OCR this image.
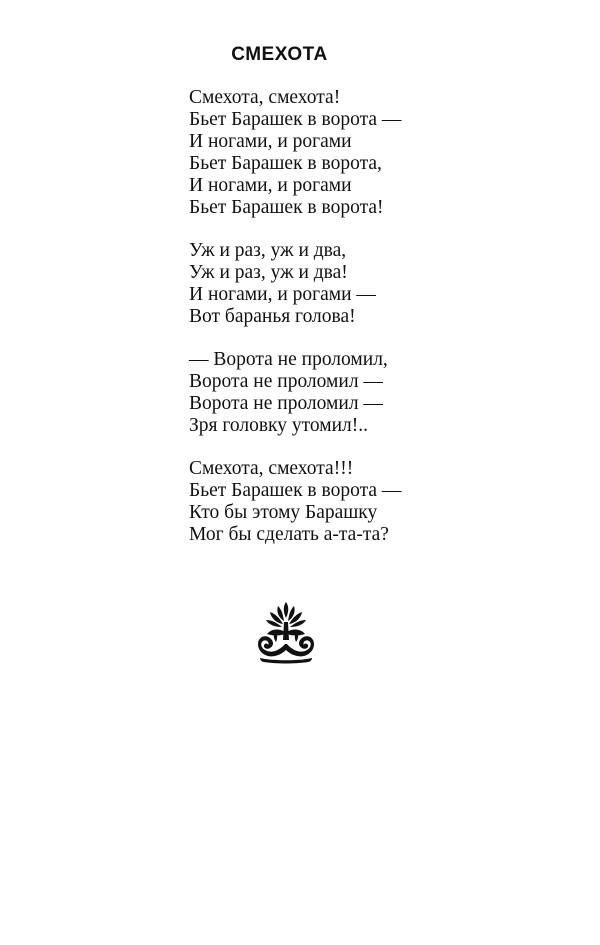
СМЕХОТА
Смехота, смехота!
Бьет Барашек в ворота —
И ногами, и рогами
Бьет Барашек в ворота,
И ногами, и рогами
Бьет Барашек в ворота!
Уж и раз, уж и два,
Уж и раз, уж и два!
И ногами, и рогами —
Вот баранья голова!
— Ворота не проломил,
Ворота не проломил —
Ворота не проломил —
Зря головку утомил!..
Смехота, смехота!!!
Бьет Барашек в ворота —
Кто бы этому Барашку
Мог бы сделать а-та-та?
